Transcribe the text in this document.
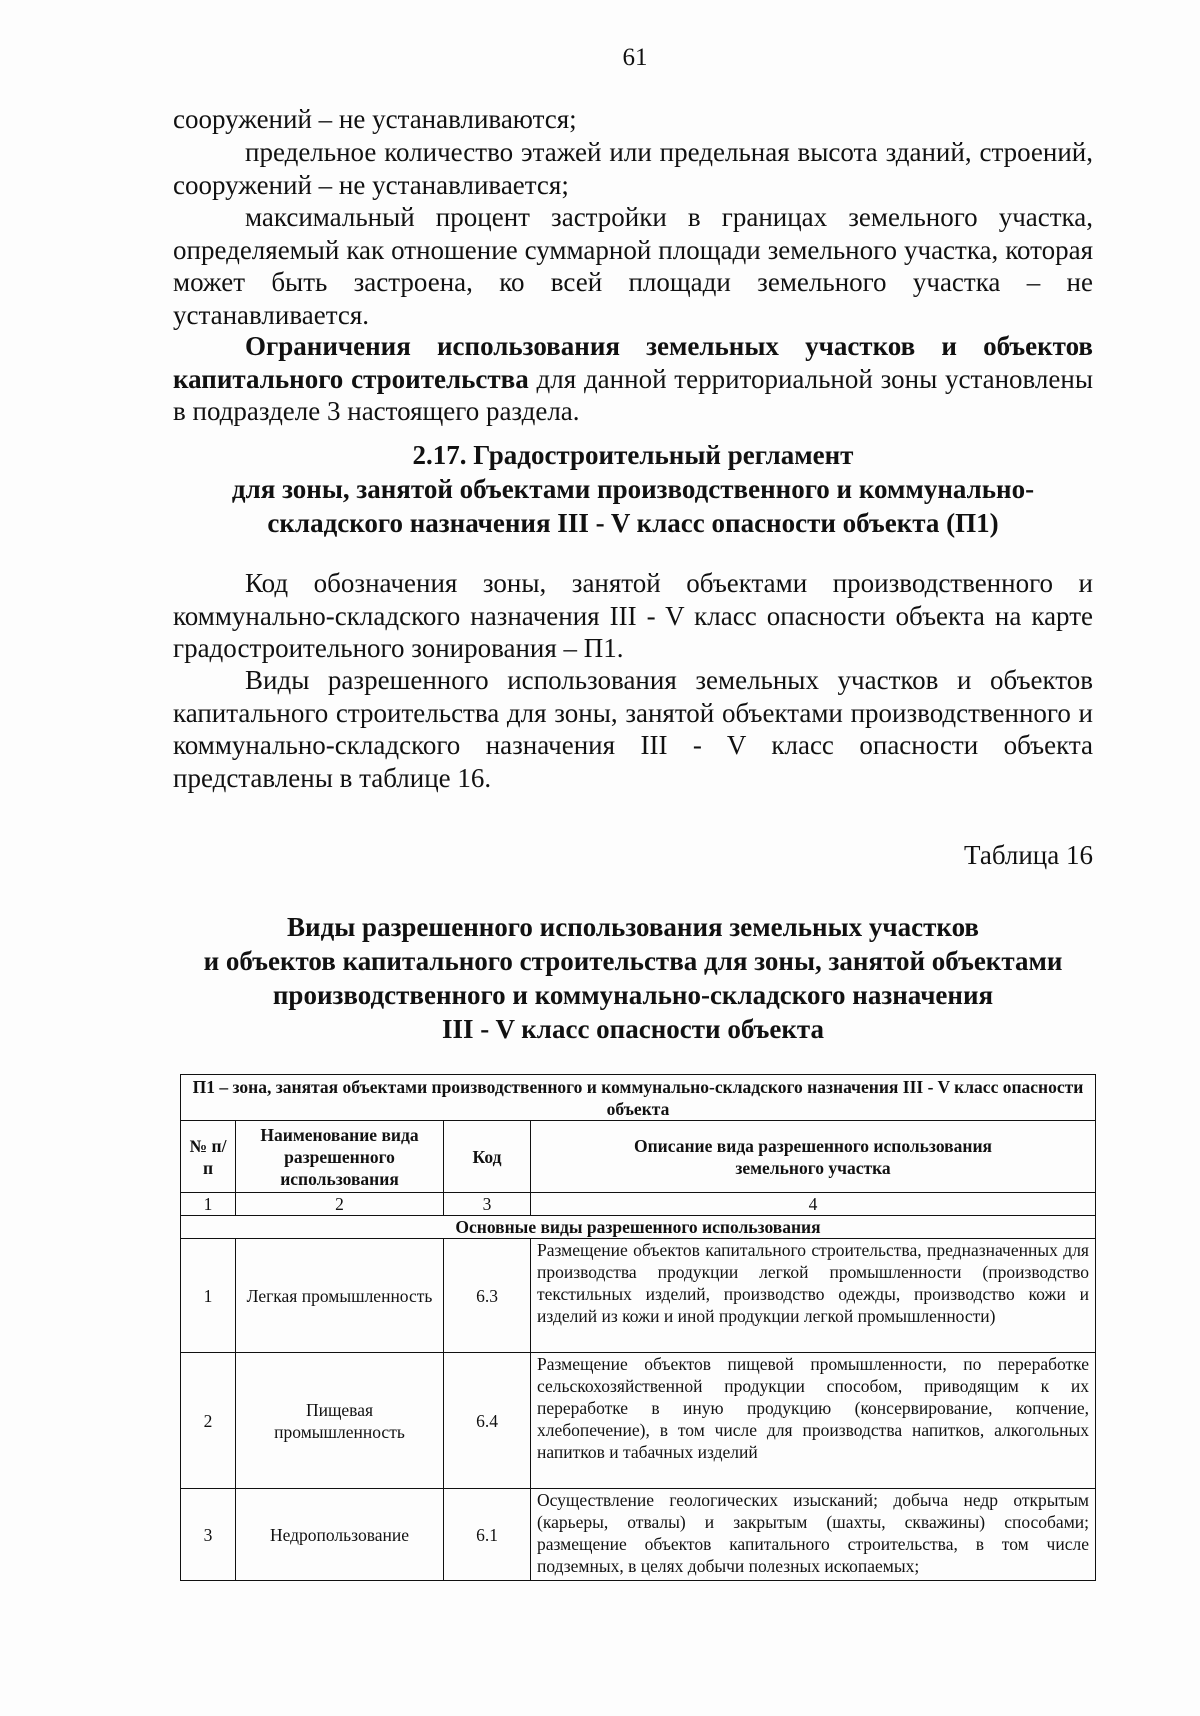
61
сооружений – не устанавливаются;
предельное количество этажей или предельная высота зданий, строений, сооружений – не устанавливается;
максимальный процент застройки в границах земельного участка, определяемый как отношение суммарной площади земельного участка, которая может быть застроена, ко всей площади земельного участка – не устанавливается.
Ограничения использования земельных участков и объектов капитального строительства для данной территориальной зоны установлены в подразделе 3 настоящего раздела.
2.17. Градостроительный регламент
для зоны, занятой объектами производственного и коммунально-
складского назначения III - V класс опасности объекта (П1)
Код обозначения зоны, занятой объектами производственного и коммунально-складского назначения III - V класс опасности объекта на карте градостроительного зонирования – П1.
Виды разрешенного использования земельных участков и объектов капитального строительства для зоны, занятой объектами производственного и коммунально-складского назначения III - V класс опасности объекта представлены в таблице 16.
Таблица 16
Виды разрешенного использования земельных участков
и объектов капитального строительства для зоны, занятой объектами
производственного и коммунально-складского назначения
III - V класс опасности объекта
П1 – зона, занятая объектами производственного и коммунально-складского назначения III - V класс опасности объекта			
№ п/п	Наименование вида разрешенного использования	Код	Описание вида разрешенного использования земельного участка
1	2	3	4
Основные виды разрешенного использования			
1	Легкая промышленность	6.3	Размещение объектов капитального строительства, предназначенных для производства продукции легкой промышленности (производство текстильных изделий, производство одежды, производство кожи и изделий из кожи и иной продукции легкой промышленности)
2	Пищевая промышленность	6.4	Размещение объектов пищевой промышленности, по переработке сельскохозяйственной продукции способом, приводящим к их переработке в иную продукцию (консервирование, копчение, хлебопечение), в том числе для производства напитков, алкогольных напитков и табачных изделий
3	Недропользование	6.1	Осуществление геологических изысканий; добыча недр открытым (карьеры, отвалы) и закрытым (шахты, скважины) способами; размещение объектов капитального строительства, в том числе подземных, в целях добычи полезных ископаемых;
